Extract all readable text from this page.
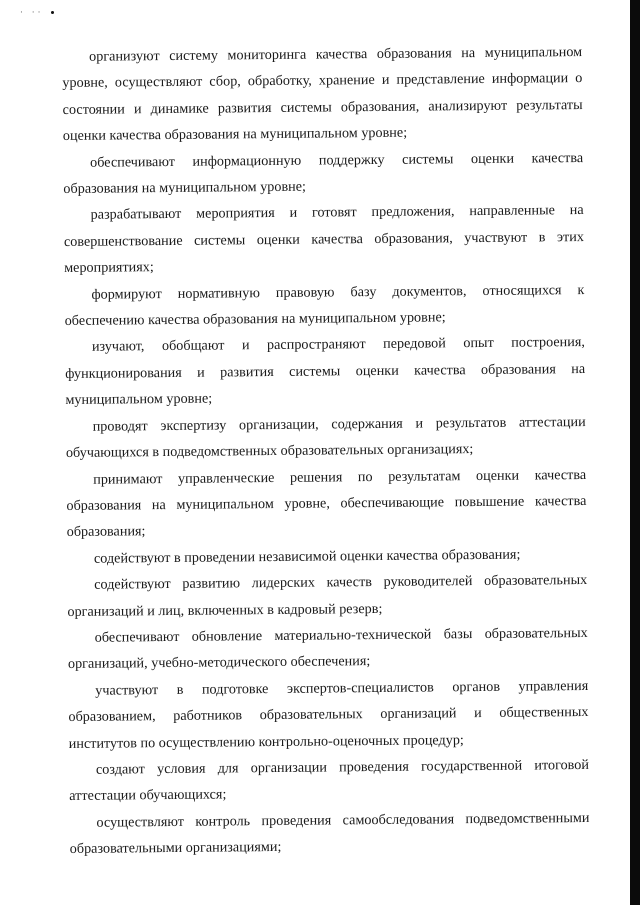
· ··

организуют систему мониторинга качества образования на муниципальном уровне, осуществляют сбор, обработку, хранение и представление информации о состоянии и динамике развития системы образования, анализируют результаты оценки качества образования на муниципальном уровне;

обеспечивают информационную поддержку системы оценки качества образования на муниципальном уровне;

разрабатывают мероприятия и готовят предложения, направленные на совершенствование системы оценки качества образования, участвуют в этих мероприятиях;

формируют нормативную правовую базу документов, относящихся к обеспечению качества образования на муниципальном уровне;

изучают, обобщают и распространяют передовой опыт построения, функционирования и развития системы оценки качества образования на муниципальном уровне;

проводят экспертизу организации, содержания и результатов аттестации обучающихся в подведомственных образовательных организациях;

принимают управленческие решения по результатам оценки качества образования на муниципальном уровне, обеспечивающие повышение качества образования;

содействуют в проведении независимой оценки качества образования;

содействуют развитию лидерских качеств руководителей образовательных организаций и лиц, включенных в кадровый резерв;

обеспечивают обновление материально-технической базы образовательных организаций, учебно-методического обеспечения;

участвуют в подготовке экспертов-специалистов органов управления образованием, работников образовательных организаций и общественных институтов по осуществлению контрольно-оценочных процедур;

создают условия для организации проведения государственной итоговой аттестации обучающихся;

осуществляют контроль проведения самообследования подведомственными образовательными организациями;
